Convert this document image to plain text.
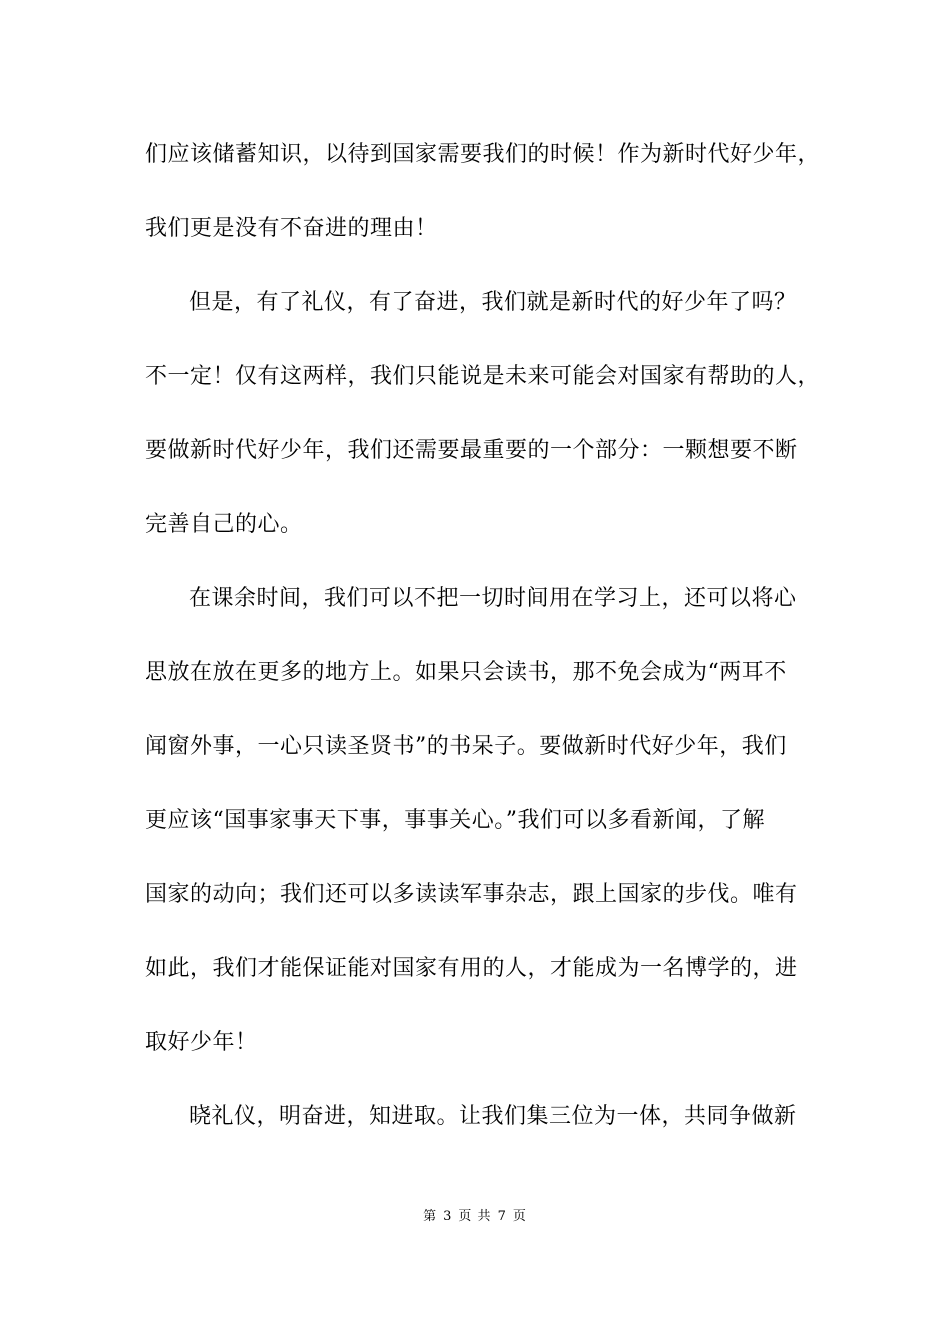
们应该储蓄知识，以待到国家需要我们的时候！作为新时代好少年，
我们更是没有不奋进的理由！
但是，有了礼仪，有了奋进，我们就是新时代的好少年了吗？
不一定！仅有这两样，我们只能说是未来可能会对国家有帮助的人，
要做新时代好少年，我们还需要最重要的一个部分：一颗想要不断
完善自己的心。
在课余时间，我们可以不把一切时间用在学习上，还可以将心
思放在放在更多的地方上。如果只会读书，那不免会成为“两耳不
闻窗外事，一心只读圣贤书”的书呆子。要做新时代好少年，我们
更应该“国事家事天下事，事事关心。”我们可以多看新闻，了解
国家的动向；我们还可以多读读军事杂志，跟上国家的步伐。唯有
如此，我们才能保证能对国家有用的人，才能成为一名博学的，进
取好少年！
晓礼仪，明奋进，知进取。让我们集三位为一体，共同争做新
第 3 页 共 7 页
